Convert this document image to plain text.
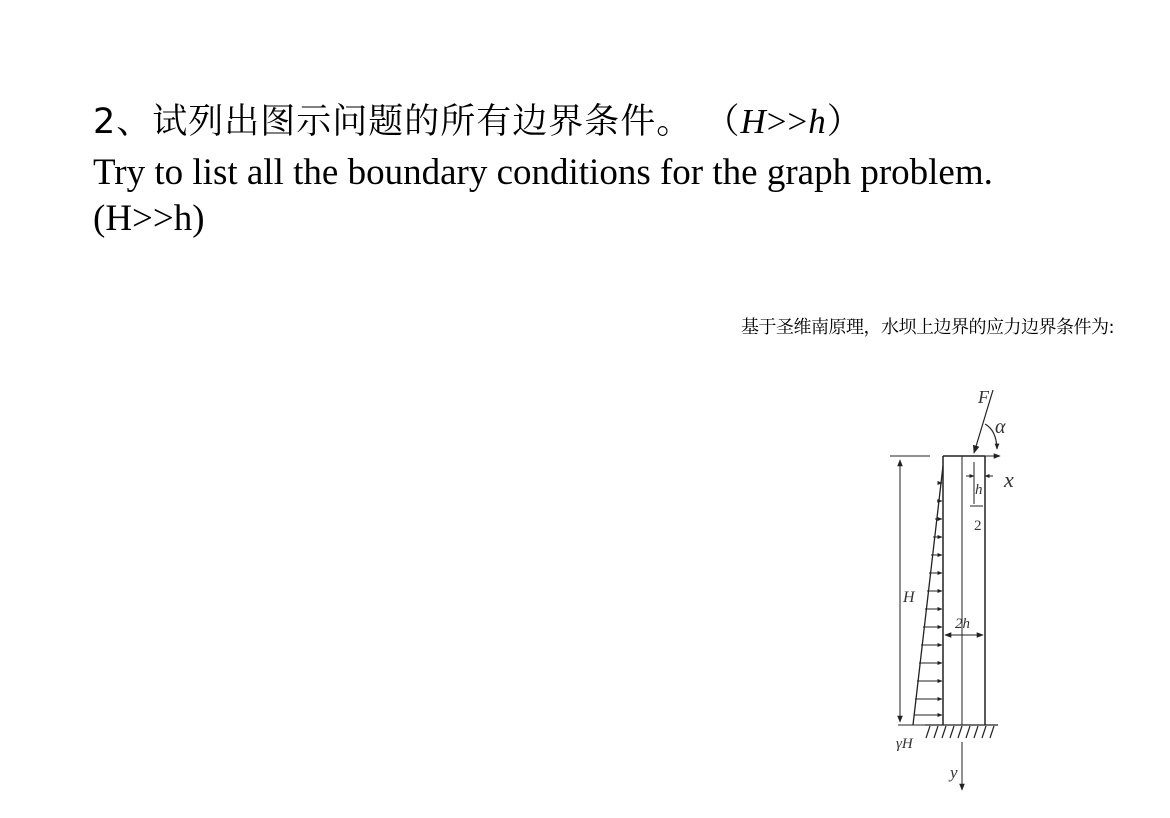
2、试列出图示问题的所有边界条件。 （H>>h）
Try to list all the boundary conditions for the graph problem.
(H>>h)
基于圣维南原理，水坝上边界的应力边界条件为:
H
γH
y
x
F
α
h
2
2h
